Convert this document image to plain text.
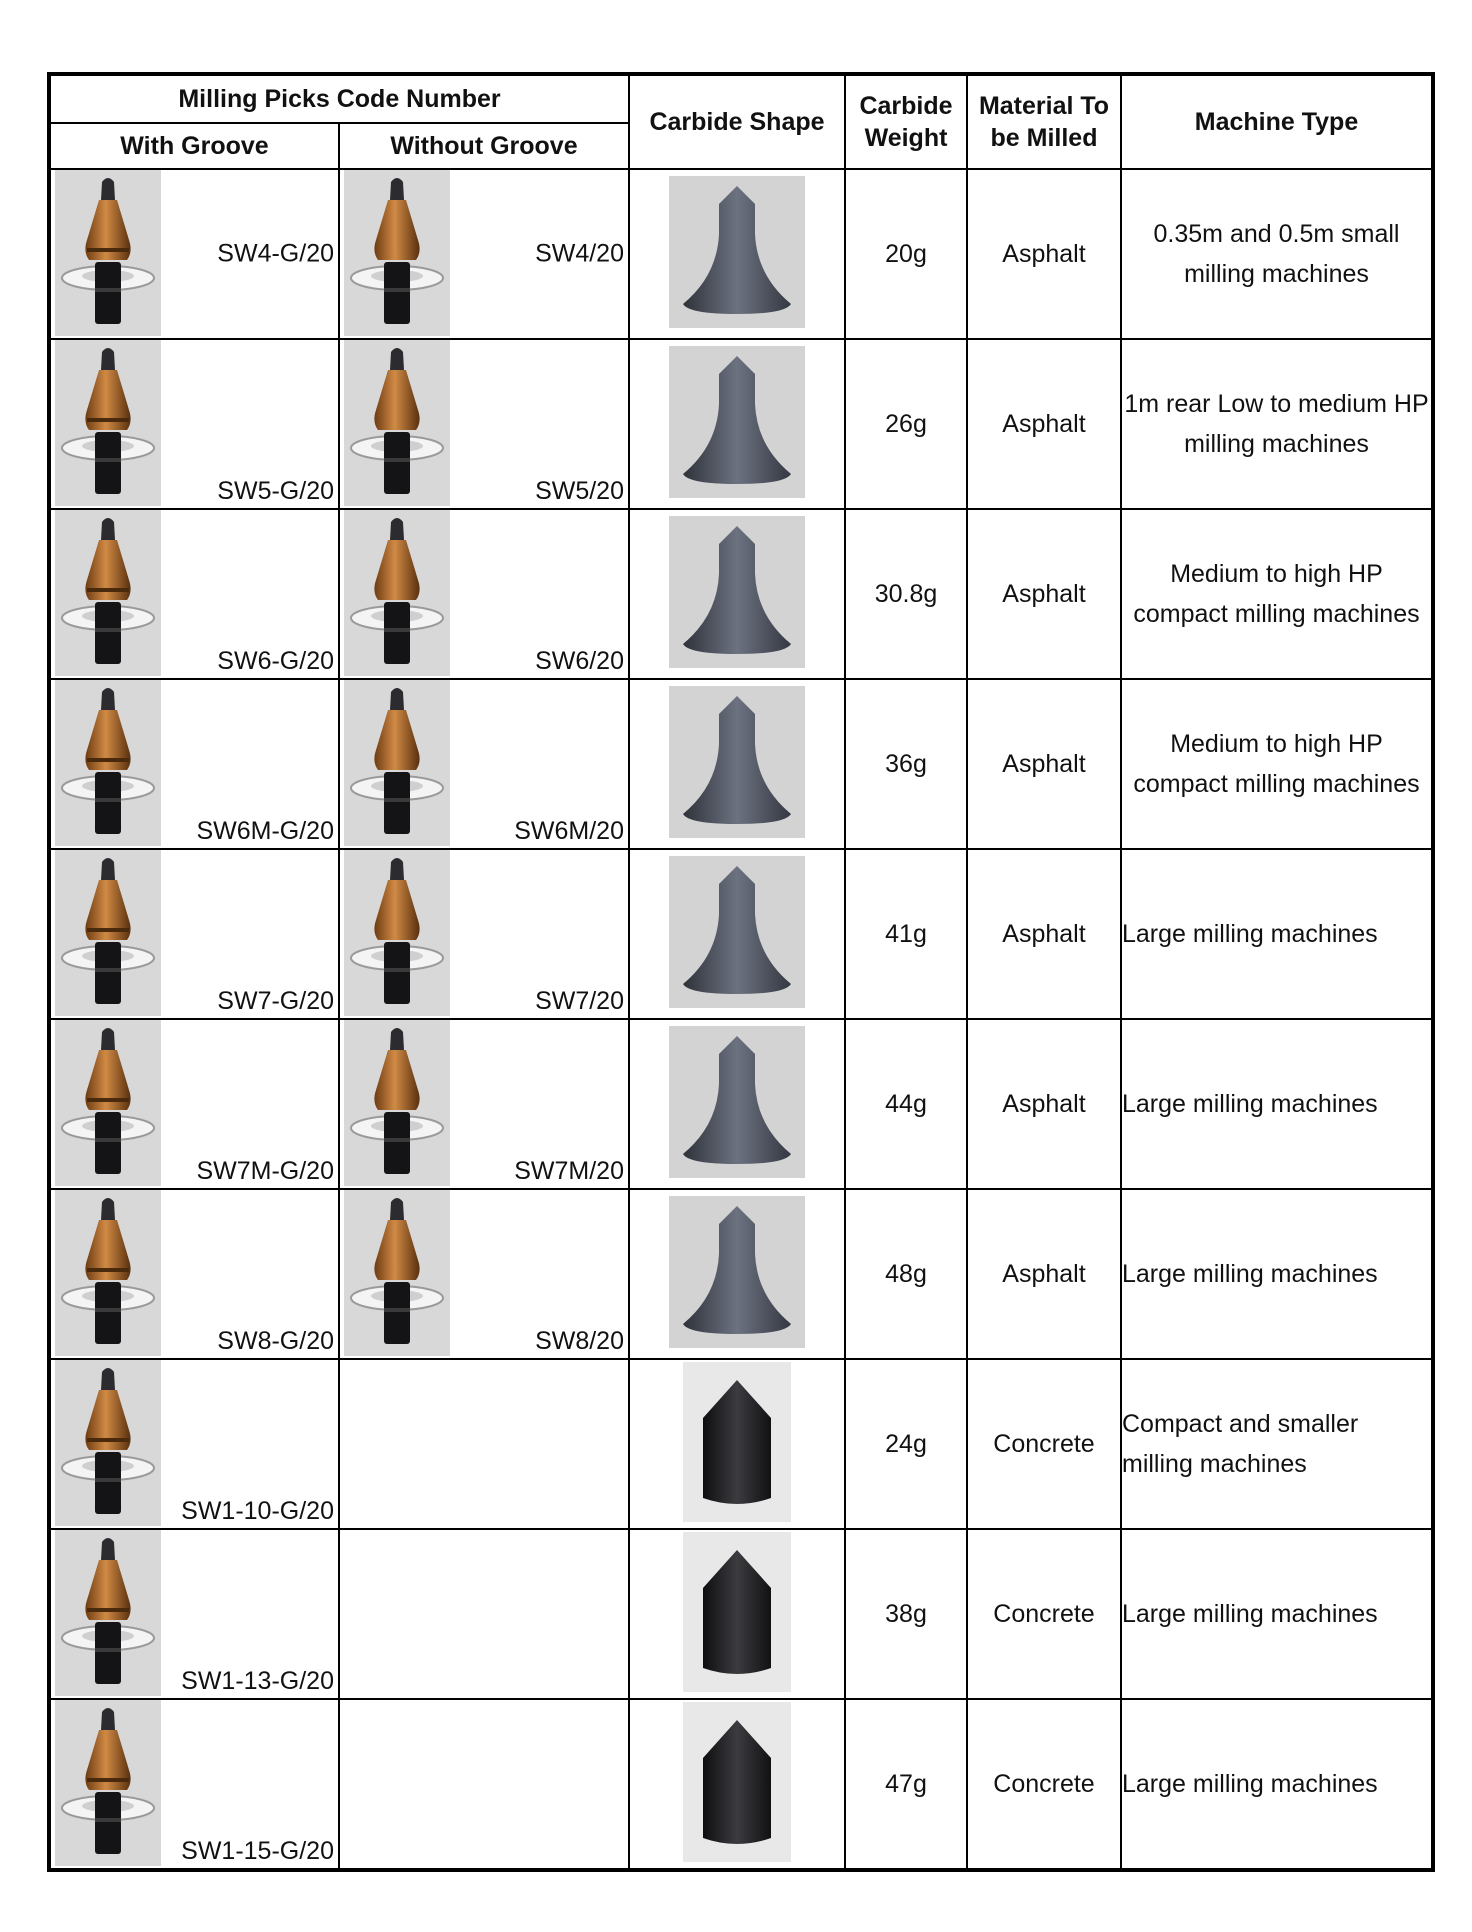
Milling Picks Code Number		Carbide Shape	Carbide Weight	Material To be Milled	Machine Type
With Groove	Without Groove				

SW4-G/20	SW4/20		20g	Asphalt	0.35m and 0.5m small milling machines

SW5-G/20	SW5/20		26g	Asphalt	1m rear Low to medium HP milling machines

SW6-G/20	SW6/20		30.8g	Asphalt	Medium to high HP compact milling machines

SW6M-G/20	SW6M/20		36g	Asphalt	Medium to high HP compact milling machines

SW7-G/20	SW7/20		41g	Asphalt	Large milling machines

SW7M-G/20	SW7M/20		44g	Asphalt	Large milling machines

SW8-G/20	SW8/20		48g	Asphalt	Large milling machines

SW1-10-G/20			24g	Concrete	Compact and smaller milling machines

SW1-13-G/20			38g	Concrete	Large milling machines

SW1-15-G/20			47g	Concrete	Large milling machines
